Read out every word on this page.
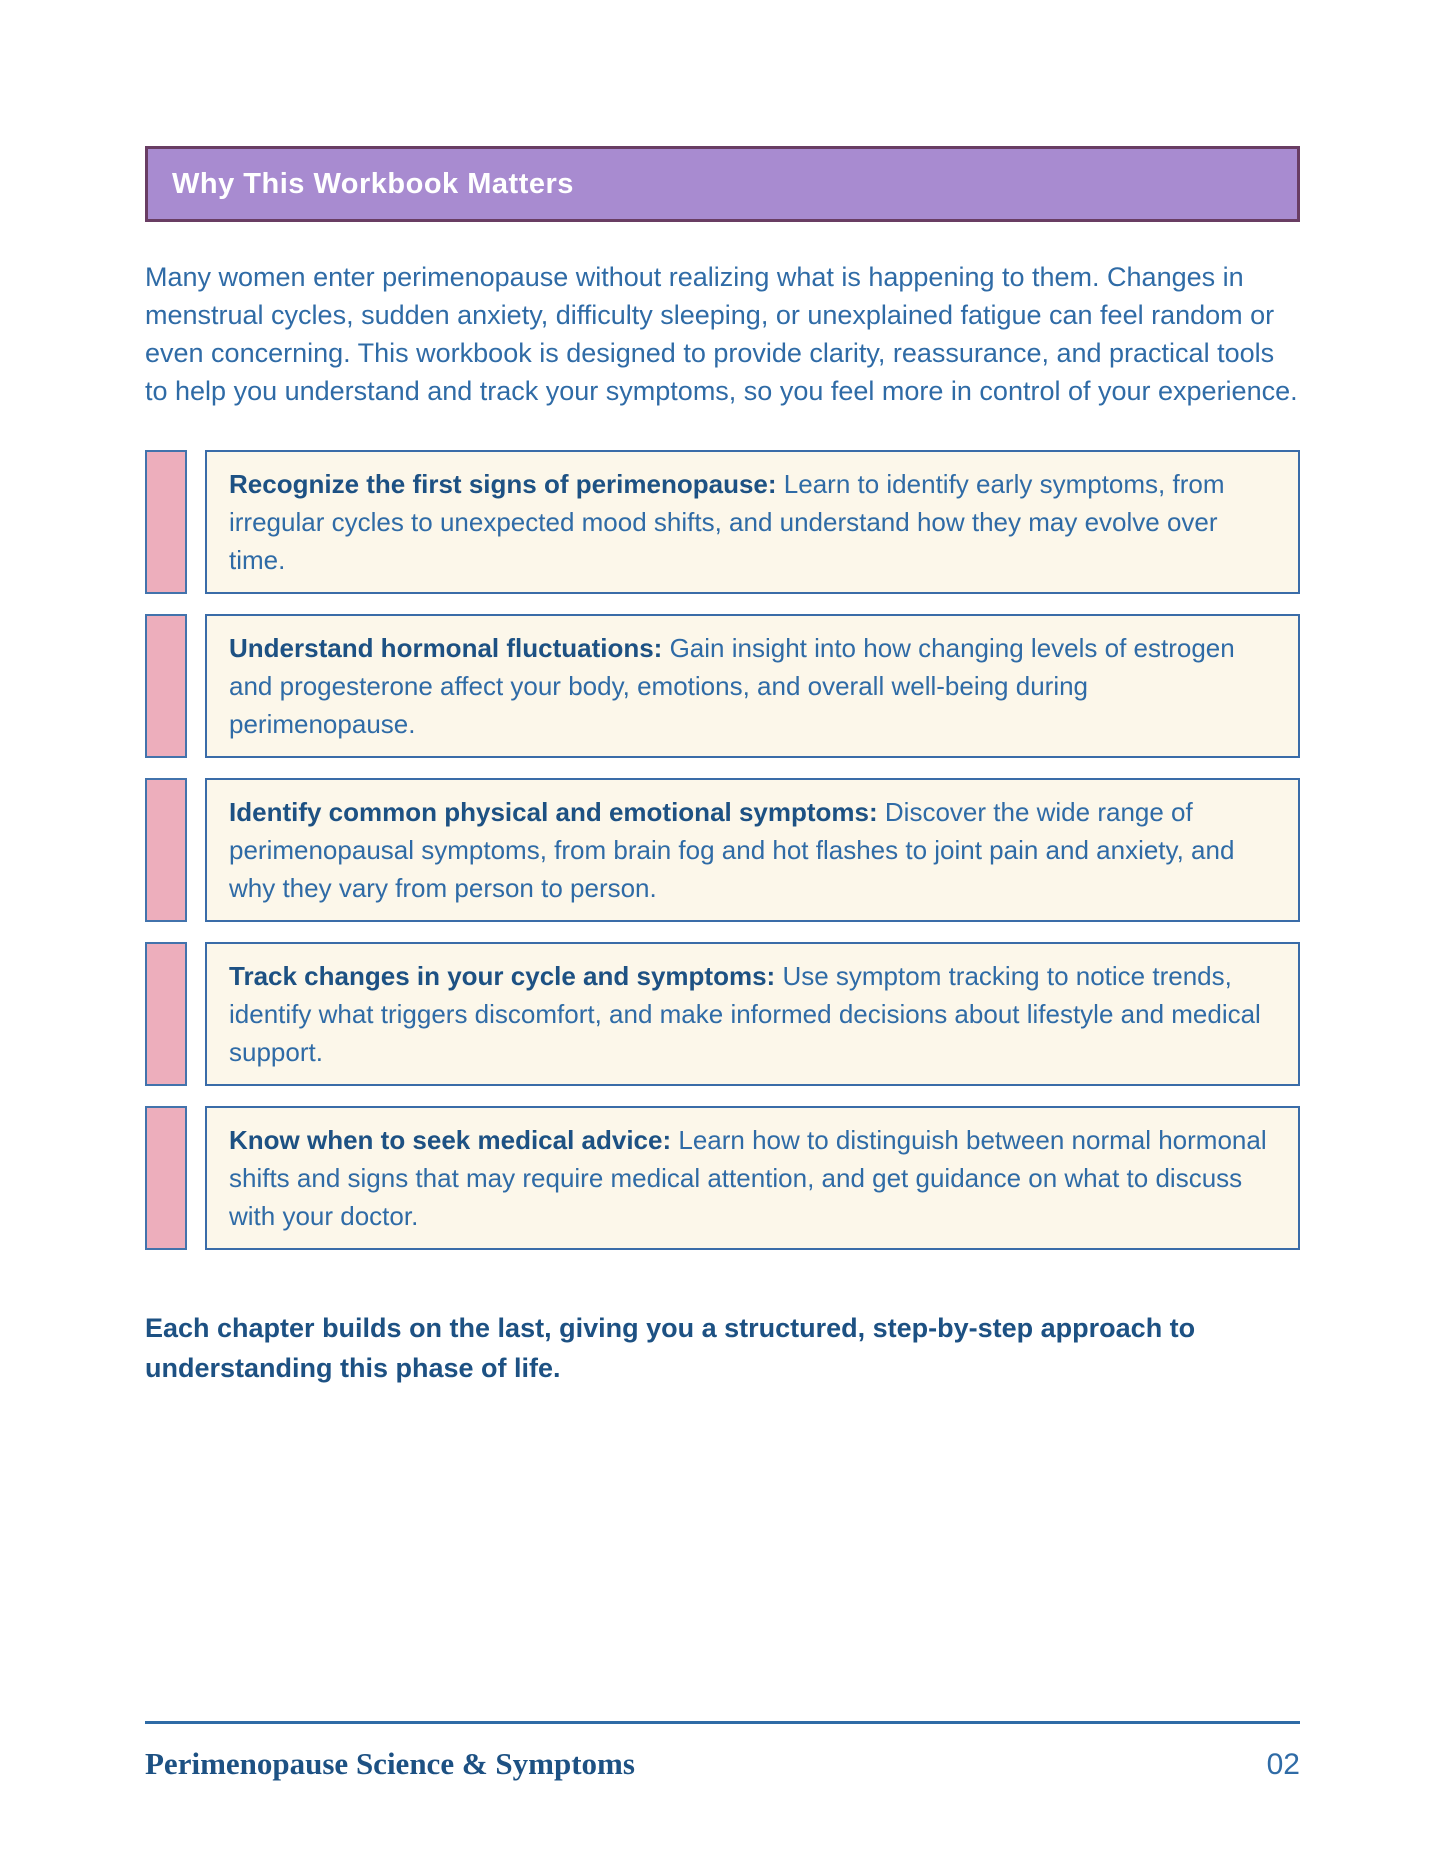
Why This Workbook Matters

Many women enter perimenopause without realizing what is happening to them. Changes in menstrual cycles, sudden anxiety, difficulty sleeping, or unexplained fatigue can feel random or even concerning. This workbook is designed to provide clarity, reassurance, and practical tools to help you understand and track your symptoms, so you feel more in control of your experience.

Recognize the first signs of perimenopause: Learn to identify early symptoms, from irregular cycles to unexpected mood shifts, and understand how they may evolve over time.

Understand hormonal fluctuations: Gain insight into how changing levels of estrogen and progesterone affect your body, emotions, and overall well-being during perimenopause.

Identify common physical and emotional symptoms: Discover the wide range of perimenopausal symptoms, from brain fog and hot flashes to joint pain and anxiety, and why they vary from person to person.

Track changes in your cycle and symptoms: Use symptom tracking to notice trends, identify what triggers discomfort, and make informed decisions about lifestyle and medical support.

Know when to seek medical advice: Learn how to distinguish between normal hormonal shifts and signs that may require medical attention, and get guidance on what to discuss with your doctor.

Each chapter builds on the last, giving you a structured, step-by-step approach to understanding this phase of life.

Perimenopause Science & Symptoms	02
